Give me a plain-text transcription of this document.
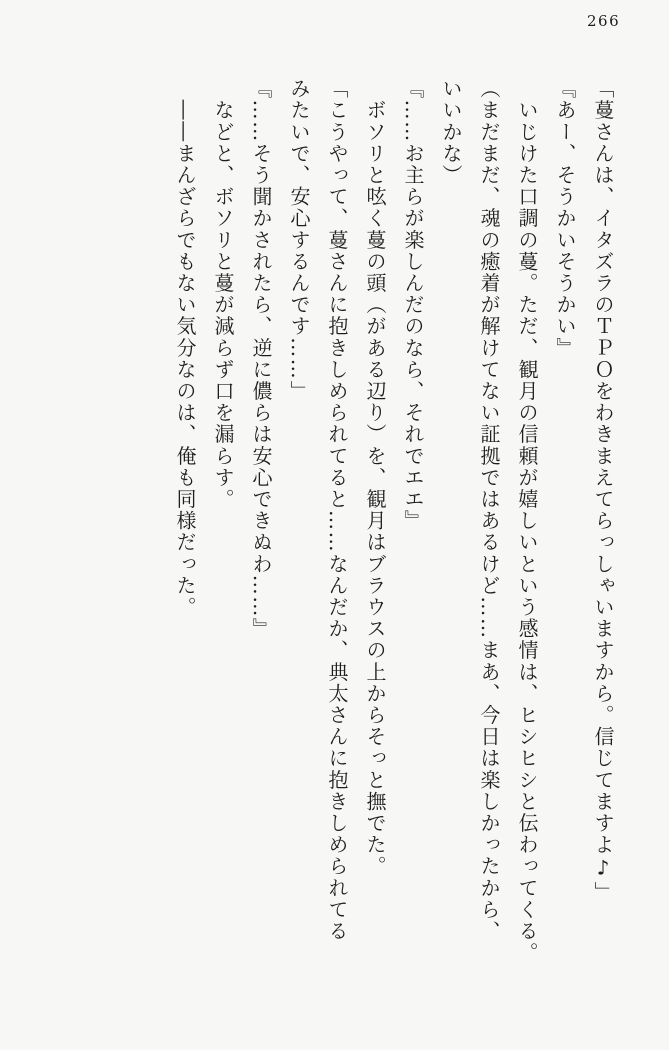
266

「蔓さんは、イタズラのＴＰＯをわきまえてらっしゃいますから。信じてますよ♪」

『あー、そうかいそうかい』

　いじけた口調の蔓。ただ、観月の信頼が嬉しいという感情は、ヒシヒシと伝わってくる。

（まだまだ、魂の癒着が解けてない証拠ではあるけど……まあ、今日は楽しかったから、

いいかな）

『……お主らが楽しんだのなら、それでエエ』

　ボソリと呟く蔓の頭（がある辺り）を、観月はブラウスの上からそっと撫でた。

「こうやって、蔓さんに抱きしめられてると……なんだか、典太さんに抱きしめられてる

みたいで、安心するんです……」

『……そう聞かされたら、逆に儂らは安心できぬわ……』

　などと、ボソリと蔓が減らず口を漏らす。

　――まんざらでもない気分なのは、俺も同様だった。
